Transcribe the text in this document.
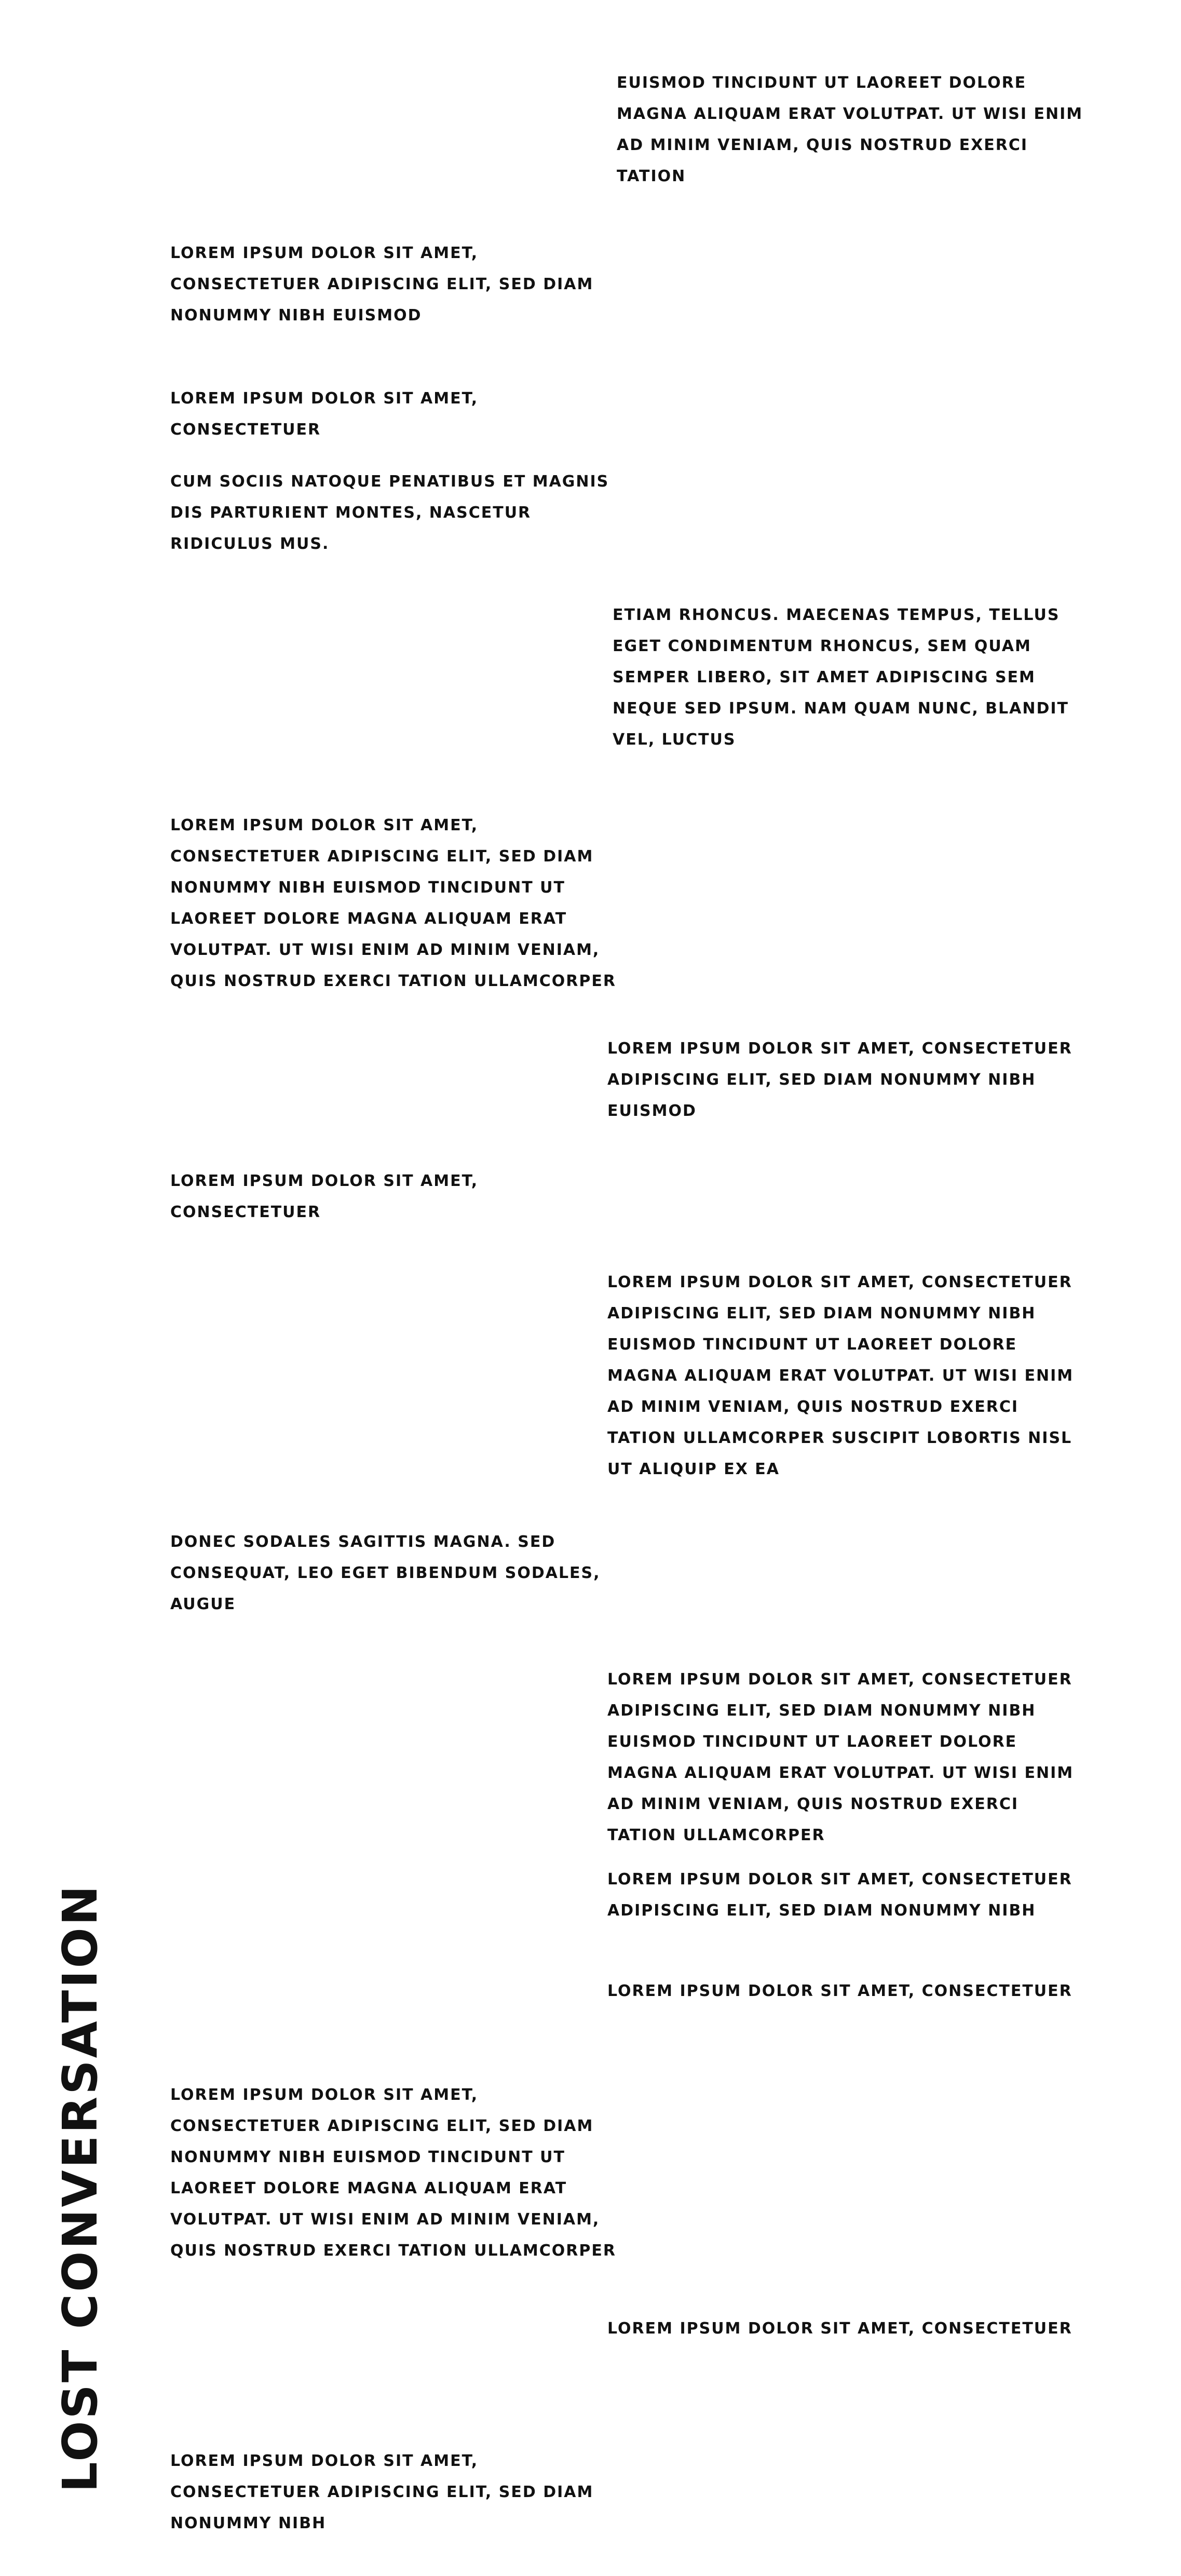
LOST CONVERSATION
EUISMOD TINCIDUNT UT LAOREET DOLORE MAGNA ALIQUAM ERAT VOLUTPAT. UT WISI ENIM AD MINIM VENIAM, QUIS NOSTRUD EXERCI TATION
LOREM IPSUM DOLOR SIT AMET, CONSECTETUER ADIPISCING ELIT, SED DIAM NONUMMY NIBH EUISMOD
LOREM IPSUM DOLOR SIT AMET, CONSECTETUER
CUM SOCIIS NATOQUE PENATIBUS ET MAGNIS DIS PARTURIENT MONTES, NASCETUR RIDICULUS MUS.
ETIAM RHONCUS. MAECENAS TEMPUS, TELLUS EGET CONDIMENTUM RHONCUS, SEM QUAM SEMPER LIBERO, SIT AMET ADIPISCING SEM NEQUE SED IPSUM. NAM QUAM NUNC, BLANDIT VEL, LUCTUS
LOREM IPSUM DOLOR SIT AMET, CONSECTETUER ADIPISCING ELIT, SED DIAM NONUMMY NIBH EUISMOD TINCIDUNT UT LAOREET DOLORE MAGNA ALIQUAM ERAT VOLUTPAT. UT WISI ENIM AD MINIM VENIAM, QUIS NOSTRUD EXERCI TATION ULLAMCORPER
LOREM IPSUM DOLOR SIT AMET, CONSECTETUER ADIPISCING ELIT, SED DIAM NONUMMY NIBH EUISMOD
LOREM IPSUM DOLOR SIT AMET, CONSECTETUER
LOREM IPSUM DOLOR SIT AMET, CONSECTETUER ADIPISCING ELIT, SED DIAM NONUMMY NIBH EUISMOD TINCIDUNT UT LAOREET DOLORE MAGNA ALIQUAM ERAT VOLUTPAT. UT WISI ENIM AD MINIM VENIAM, QUIS NOSTRUD EXERCI TATION ULLAMCORPER SUSCIPIT LOBORTIS NISL UT ALIQUIP EX EA
DONEC SODALES SAGITTIS MAGNA. SED CONSEQUAT, LEO EGET BIBENDUM SODALES, AUGUE
LOREM IPSUM DOLOR SIT AMET, CONSECTETUER ADIPISCING ELIT, SED DIAM NONUMMY NIBH EUISMOD TINCIDUNT UT LAOREET DOLORE MAGNA ALIQUAM ERAT VOLUTPAT. UT WISI ENIM AD MINIM VENIAM, QUIS NOSTRUD EXERCI TATION ULLAMCORPER
LOREM IPSUM DOLOR SIT AMET, CONSECTETUER ADIPISCING ELIT, SED DIAM NONUMMY NIBH
LOREM IPSUM DOLOR SIT AMET, CONSECTETUER
LOREM IPSUM DOLOR SIT AMET, CONSECTETUER ADIPISCING ELIT, SED DIAM NONUMMY NIBH EUISMOD TINCIDUNT UT LAOREET DOLORE MAGNA ALIQUAM ERAT VOLUTPAT. UT WISI ENIM AD MINIM VENIAM, QUIS NOSTRUD EXERCI TATION ULLAMCORPER
LOREM IPSUM DOLOR SIT AMET, CONSECTETUER
LOREM IPSUM DOLOR SIT AMET, CONSECTETUER ADIPISCING ELIT, SED DIAM NONUMMY NIBH
